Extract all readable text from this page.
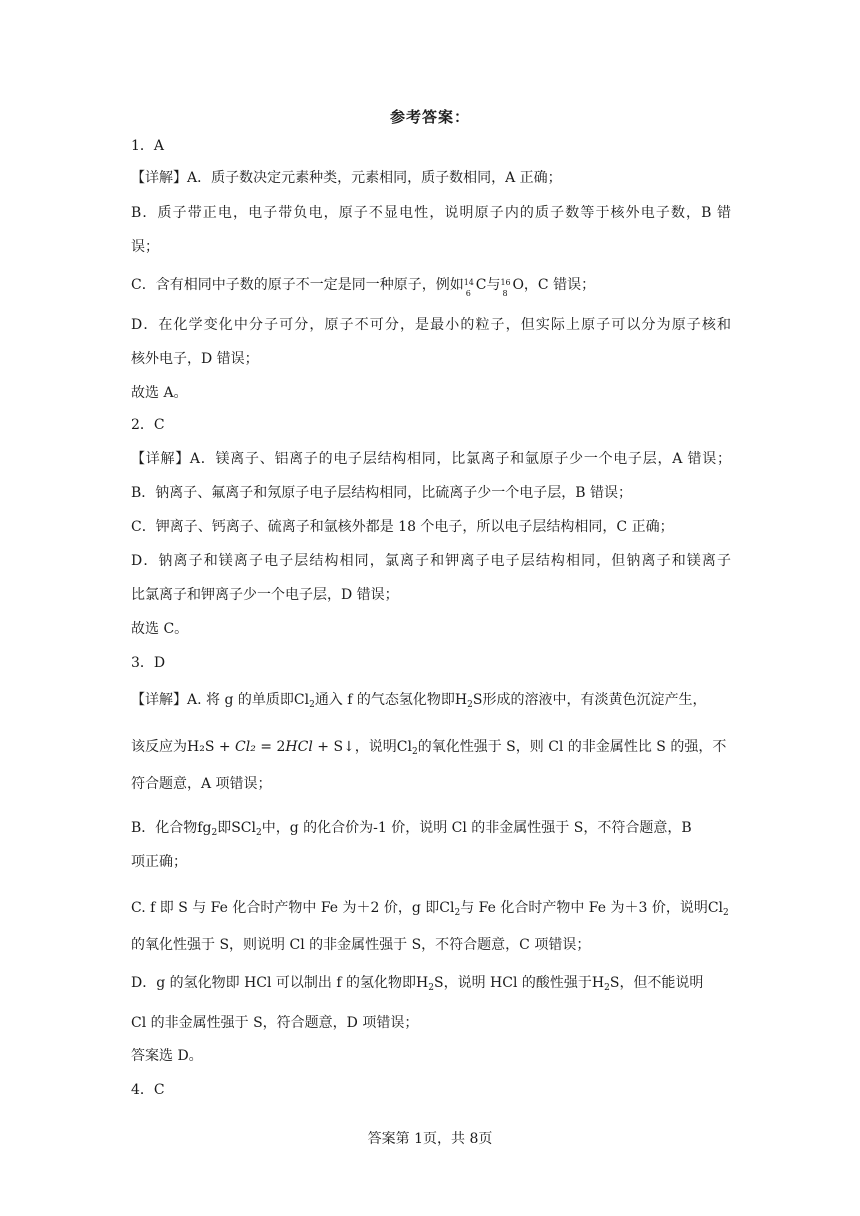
参考答案：
1．A
【详解】A．质子数决定元素种类，元素相同，质子数相同，A 正确；
B．质子带正电，电子带负电，原子不显电性，说明原子内的质子数等于核外电子数，B 错
误；
C．含有相同中子数的原子不一定是同一种原子，例如 14
6
C与 16
8
O，C 错误；
D．在化学变化中分子可分，原子不可分，是最小的粒子，但实际上原子可以分为原子核和
核外电子，D 错误；
故选 A。
2．C
【详解】A．镁离子、铝离子的电子层结构相同，比氯离子和氩原子少一个电子层，A 错误；
B．钠离子、氟离子和氖原子电子层结构相同，比硫离子少一个电子层，B 错误；
C．钾离子、钙离子、硫离子和氩核外都是 18 个电子，所以电子层结构相同，C 正确；
D．钠离子和镁离子电子层结构相同，氯离子和钾离子电子层结构相同，但钠离子和镁离子
比氯离子和钾离子少一个电子层，D 错误；
故选 C。
3．D
【详解】A. 将 g 的单质即$Cl_2$通入 f 的气态氢化物即$H_2S$形成的溶液中，有淡黄色沉淀产生，
该反应为H₂S + Cl₂ = 2HCl + S↓，说明$Cl_2$的氧化性强于 S，则 Cl 的非金属性比 S 的强，不
符合题意，A 项错误；
B．化合物$fg_2$即SCl$_2$中，g 的化合价为-1 价，说明 Cl 的非金属性强于 S，不符合题意，B
项正确；
C. f 即 S 与 Fe 化合时产物中 Fe 为＋2 价，g 即$Cl_2$与 Fe 化合时产物中 Fe 为＋3 价，说明$Cl_2$
的氧化性强于 S，则说明 Cl 的非金属性强于 S，不符合题意，C 项错误；
D．g 的氢化物即 HCl 可以制出 f 的氢化物即$H_2S$，说明 HCl 的酸性强于$H_2S$，但不能说明
Cl 的非金属性强于 S，符合题意，D 项错误；
答案选 D。
4．C
答案第 1页，共 8页
